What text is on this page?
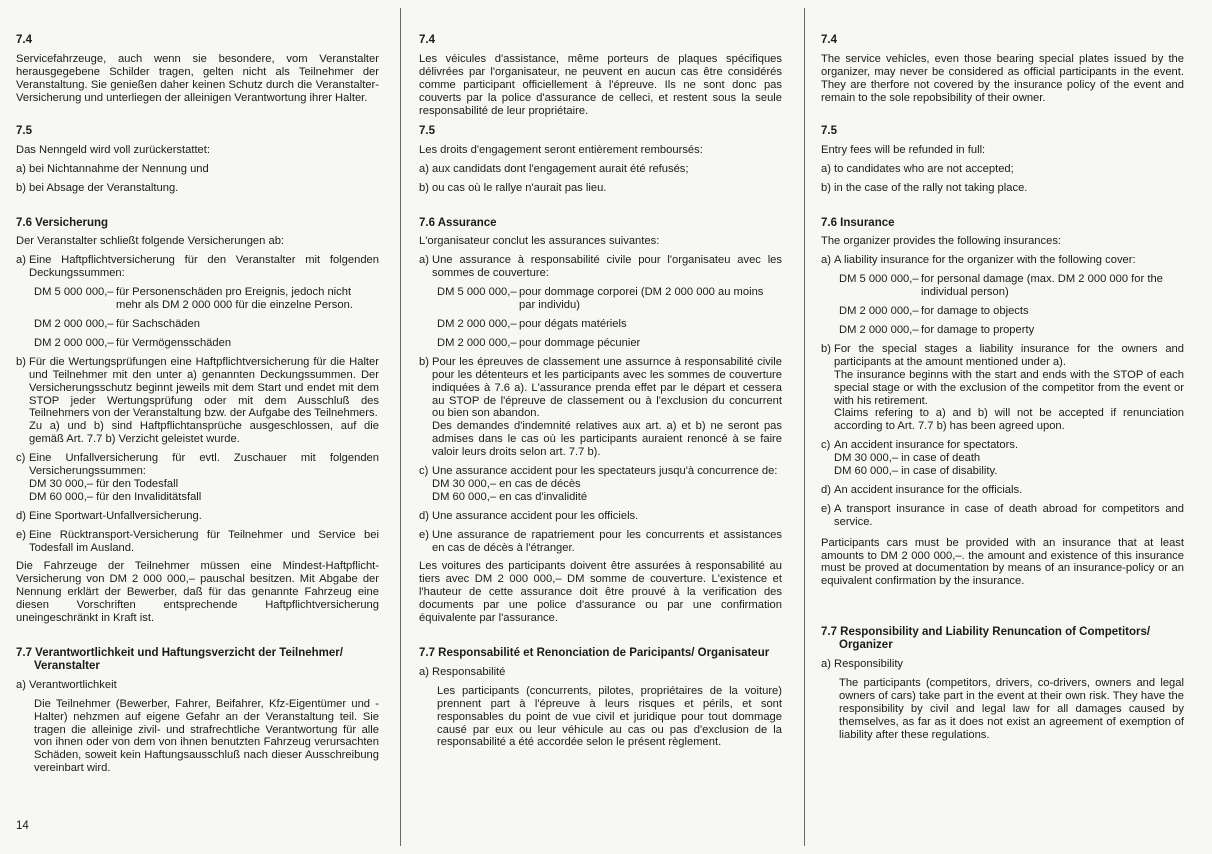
7.4

Servicefahrzeuge, auch wenn sie besondere, vom Veranstalter herausgegebene Schilder tragen, gelten nicht als Teilnehmer der Veranstaltung. Sie genießen daher keinen Schutz durch die Veranstalter-Versicherung und unterliegen der alleinigen Verantwortung ihrer Halter.

7.5

Das Nenngeld wird voll zurückerstattet:

a) bei Nichtannahme der Nennung und
b) bei Absage der Veranstaltung.
7.6 Versicherung

Der Veranstalter schließt folgende Versicherungen ab:

a) Eine Haftpflichtversicherung für den Veranstalter mit folgenden Deckungssummen:
DM 5 000 000,– für Personenschäden pro Ereignis, jedoch nicht mehr als DM 2 000 000 für die einzelne Person.
DM 2 000 000,– für Sachschäden
DM 2 000 000,– für Vermögensschäden
b) Für die Wertungsprüfungen eine Haftpflichtversicherung für die Halter und Teilnehmer mit den unter a) genannten Deckungssummen. Der Versicherungsschutz beginnt jeweils mit dem Start und endet mit dem STOP jeder Wertungsprüfung oder mit dem Ausschluß des Teilnehmers von der Veranstaltung bzw. der Aufgabe des Teilnehmers.
Zu a) und b) sind Haftpflichtansprüche ausgeschlossen, auf die gemäß Art. 7.7 b) Verzicht geleistet wurde.
c) Eine Unfallversicherung für evtl. Zuschauer mit folgenden Versicherungssummen:
DM 30 000,– für den Todesfall
DM 60 000,– für den Invaliditätsfall
d) Eine Sportwart-Unfallversicherung.
e) Eine Rücktransport-Versicherung für Teilnehmer und Service bei Todesfall im Ausland.

Die Fahrzeuge der Teilnehmer müssen eine Mindest-Haftpflicht-Versicherung von DM 2 000 000,– pauschal besitzen. Mit Abgabe der Nennung erklärt der Bewerber, daß für das genannte Fahrzeug eine diesen Vorschriften entsprechende Haftpflichtversicherung uneingeschränkt in Kraft ist.

7.7 Verantwortlichkeit und Haftungsverzicht der Teilnehmer/ Veranstalter
a) Verantwortlichkeit

Die Teilnehmer (Bewerber, Fahrer, Beifahrer, Kfz-Eigentümer und -Halter) nehzmen auf eigene Gefahr an der Veranstaltung teil. Sie tragen die alleinige zivil- und strafrechtliche Verantwortung für alle von ihnen oder von dem von ihnen benutzten Fahrzeug verursachten Schäden, soweit kein Haftungsausschluß nach dieser Ausschreibung vereinbart wird.

7.4

Les véicules d'assistance, même porteurs de plaques spécifiques délivrées par l'organisateur, ne peuvent en aucun cas être considérés comme participant officiellement à l'épreuve. Ils ne sont donc pas couverts par la police d'assurance de celleci, et restent sous la seule responsabilité de leur propriétaire.

7.5

Les droits d'engagement seront entièrement remboursés:

a) aux candidats dont l'engagement aurait été refusés;
b) ou cas où le rallye n'aurait pas lieu.
7.6 Assurance

L'organisateur conclut les assurances suivantes:

a) Une assurance à responsabilité civile pour l'organisateu avec les sommes de couverture:
DM 5 000 000,– pour dommage corporei (DM 2 000 000 au moins par individu)
DM 2 000 000,– pour dégats matériels
DM 2 000 000,– pour dommage pécunier
b) Pour les épreuves de classement une assurnce à responsabilité civile pour les détenteurs et les participants avec les sommes de couverture indiquées à 7.6 a). L'assurance prenda effet par le départ et cessera au STOP de l'épreuve de classement ou à l'exclusion du concurrent ou bien son abandon.
Des demandes d'indemnité relatives aux art. a) et b) ne seront pas admises dans le cas où les participants auraient renoncé à se faire valoir leurs droits selon art. 7.7 b).
c) Une assurance accident pour les spectateurs jusqu'à concurrence de:
DM 30 000,– en cas de décès
DM 60 000,– en cas d'invalidité
d) Une assurance accident pour les officiels.
e) Une assurance de rapatriement pour les concurrents et assistances en cas de décès à l'étranger.

Les voitures des participants doivent être assurées à responsabilité au tiers avec DM 2 000 000,– DM somme de couverture. L'existence et l'hauteur de cette assurance doit être prouvé à la verification des documents par une police d'assurance ou par une confirmation équivalente par l'assurance.

7.7 Responsabilité et Renonciation de Paricipants/ Organisateur
a) Responsabilité

Les participants (concurrents, pilotes, propriétaires de la voiture) prennent part à l'épreuve à leurs risques et périls, et sont responsables du point de vue civil et juridique pour tout dommage causé par eux ou leur véhicule au cas ou pas d'exclusion de la responsabilité a été accordée selon le présent règlement.

7.4

The service vehicles, even those bearing special plates issued by the organizer, may never be considered as official participants in the event. They are therfore not covered by the insurance policy of the event and remain to the sole repobsibility of their owner.

7.5

Entry fees will be refunded in full:

a) to candidates who are not accepted;
b) in the case of the rally not taking place.
7.6 Insurance

The organizer provides the following insurances:

a) A liability insurance for the organizer with the following cover:
DM 5 000 000,– for personal damage (max. DM 2 000 000 for the individual person)
DM 2 000 000,– for damage to objects
DM 2 000 000,– for damage to property
b) For the special stages a liability insurance for the owners and participants at the amount mentioned under a).
The insurance beginns with the start and ends with the STOP of each special stage or with the exclusion of the competitor from the event or with his retirement.
Claims refering to a) and b) will not be accepted if renunciation according to Art. 7.7 b) has been agreed upon.
c) An accident insurance for spectators.
DM 30 000,– in case of death
DM 60 000,– in case of disability.
d) An accident insurance for the officials.
e) A transport insurance in case of death abroad for competitors and service.

Participants cars must be provided with an insurance that at least amounts to DM 2 000 000,–. the amount and existence of this insurance must be proved at documentation by means of an insurance-policy or an equivalent confirmation by the insurance.

7.7 Responsibility and Liability Renuncation of Competitors/ Organizer
a) Responsibility

The participants (competitors, drivers, co-drivers, owners and legal owners of cars) take part in the event at their own risk. They have the responsibility by civil and legal law for all damages caused by themselves, as far as it does not exist an agreement of exemption of liability after these regulations.

14
